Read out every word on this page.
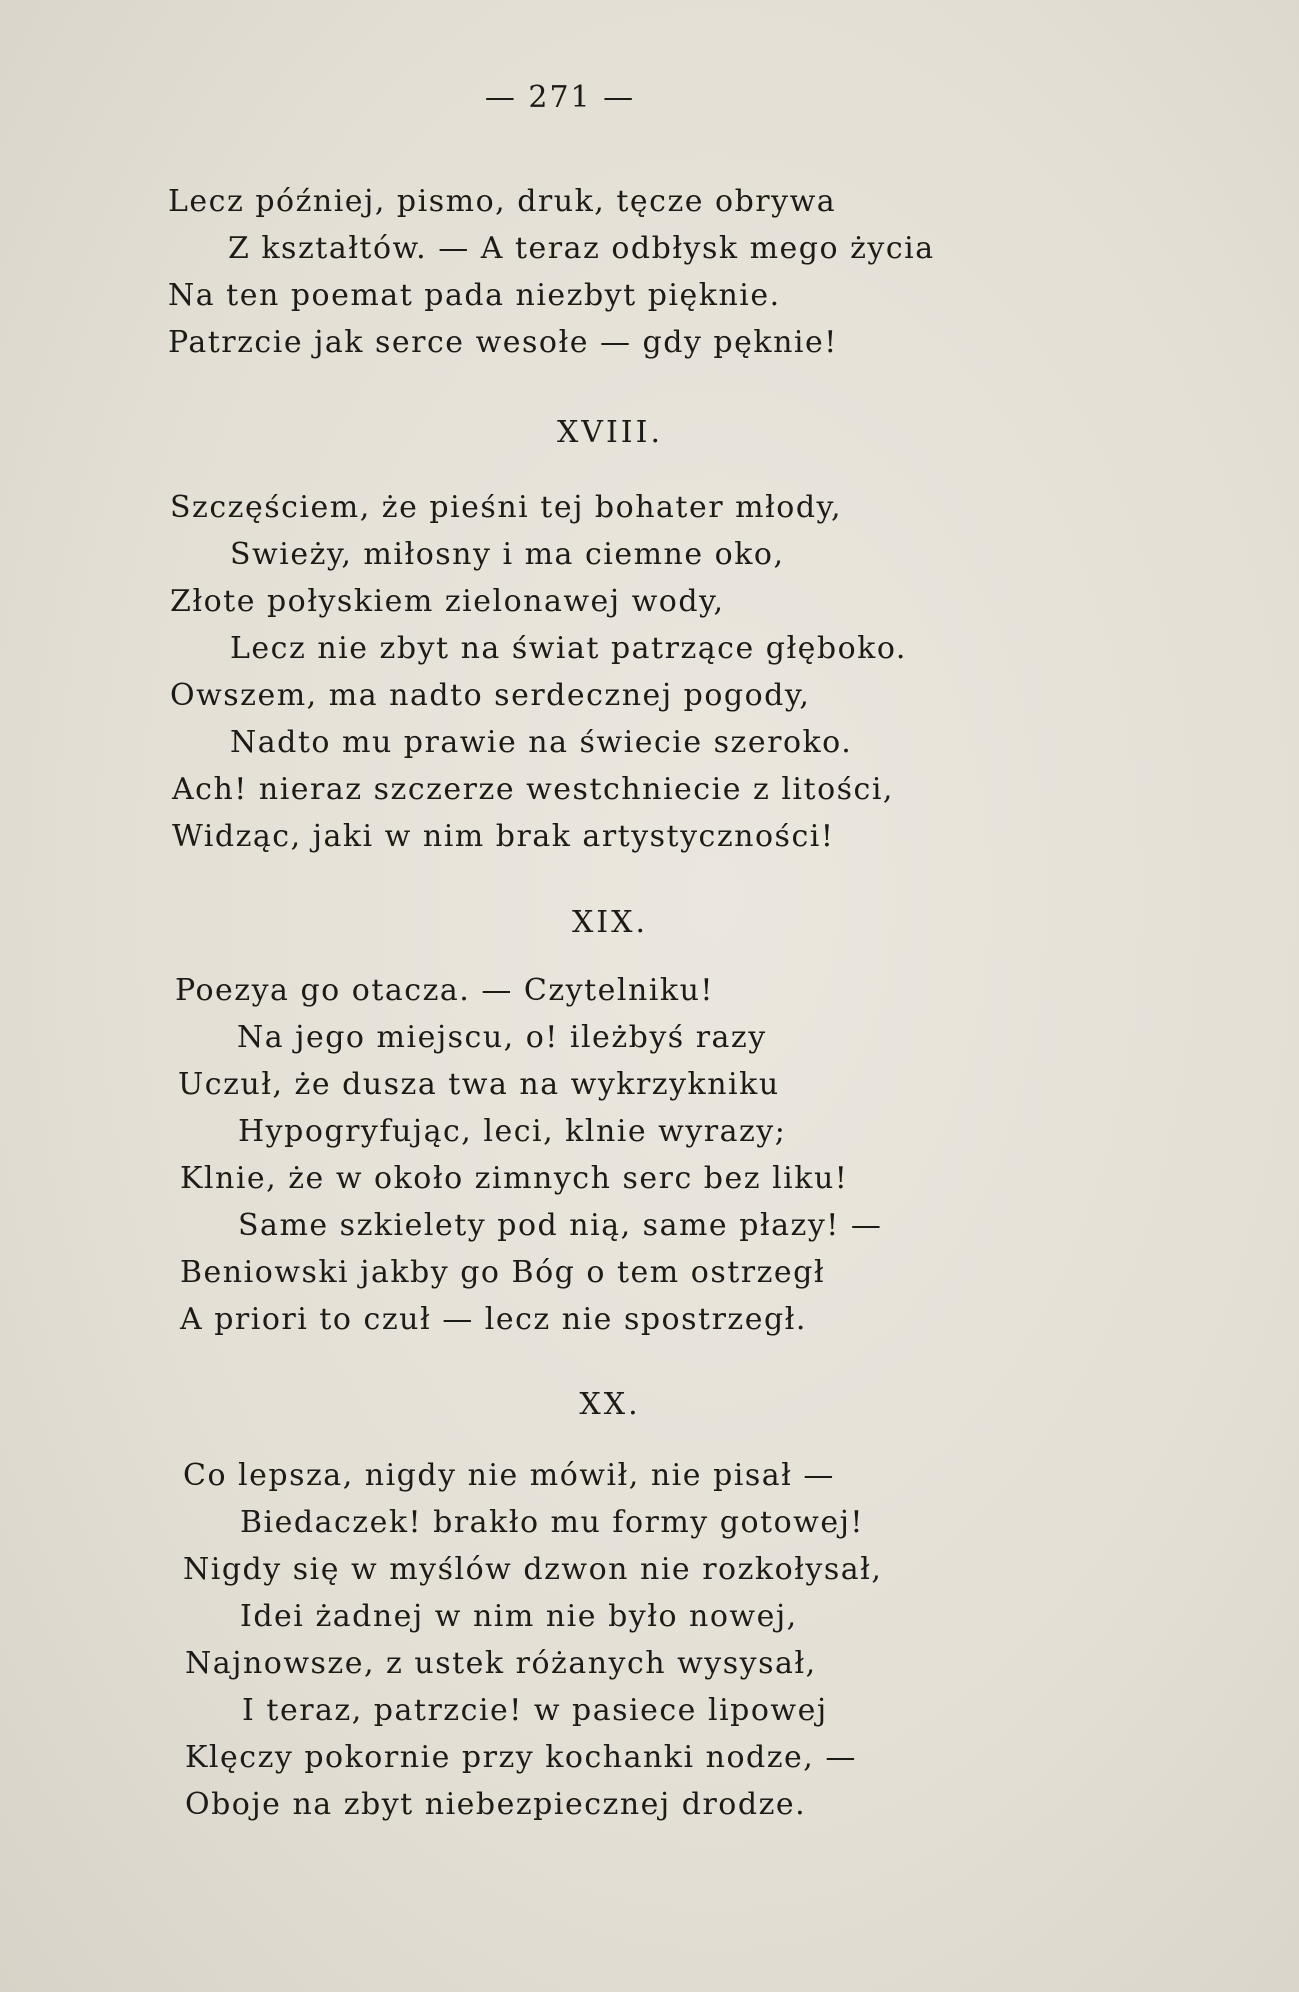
— 271 —
Lecz później, pismo, druk, tęcze obrywa
Z kształtów. — A teraz odbłysk mego życia
Na ten poemat pada niezbyt pięknie.
Patrzcie jak serce wesołe — gdy pęknie!
XVIII.
Szczęściem, że pieśni tej bohater młody,
Swieży, miłosny i ma ciemne oko,
Złote połyskiem zielonawej wody,
Lecz nie zbyt na świat patrzące głęboko.
Owszem, ma nadto serdecznej pogody,
Nadto mu prawie na świecie szeroko.
Ach! nieraz szczerze westchniecie z litości,
Widząc, jaki w nim brak artystyczności!
XIX.
Poezya go otacza. — Czytelniku!
Na jego miejscu, o! ileżbyś razy
Uczuł, że dusza twa na wykrzykniku
Hypogryfując, leci, klnie wyrazy;
Klnie, że w około zimnych serc bez liku!
Same szkielety pod nią, same płazy! —
Beniowski jakby go Bóg o tem ostrzegł
A priori to czuł — lecz nie spostrzegł.
XX.
Co lepsza, nigdy nie mówił, nie pisał —
Biedaczek! brakło mu formy gotowej!
Nigdy się w myślów dzwon nie rozkołysał,
Idei żadnej w nim nie było nowej,
Najnowsze, z ustek różanych wysysał,
I teraz, patrzcie! w pasiece lipowej
Klęczy pokornie przy kochanki nodze, —
Oboje na zbyt niebezpiecznej drodze.
